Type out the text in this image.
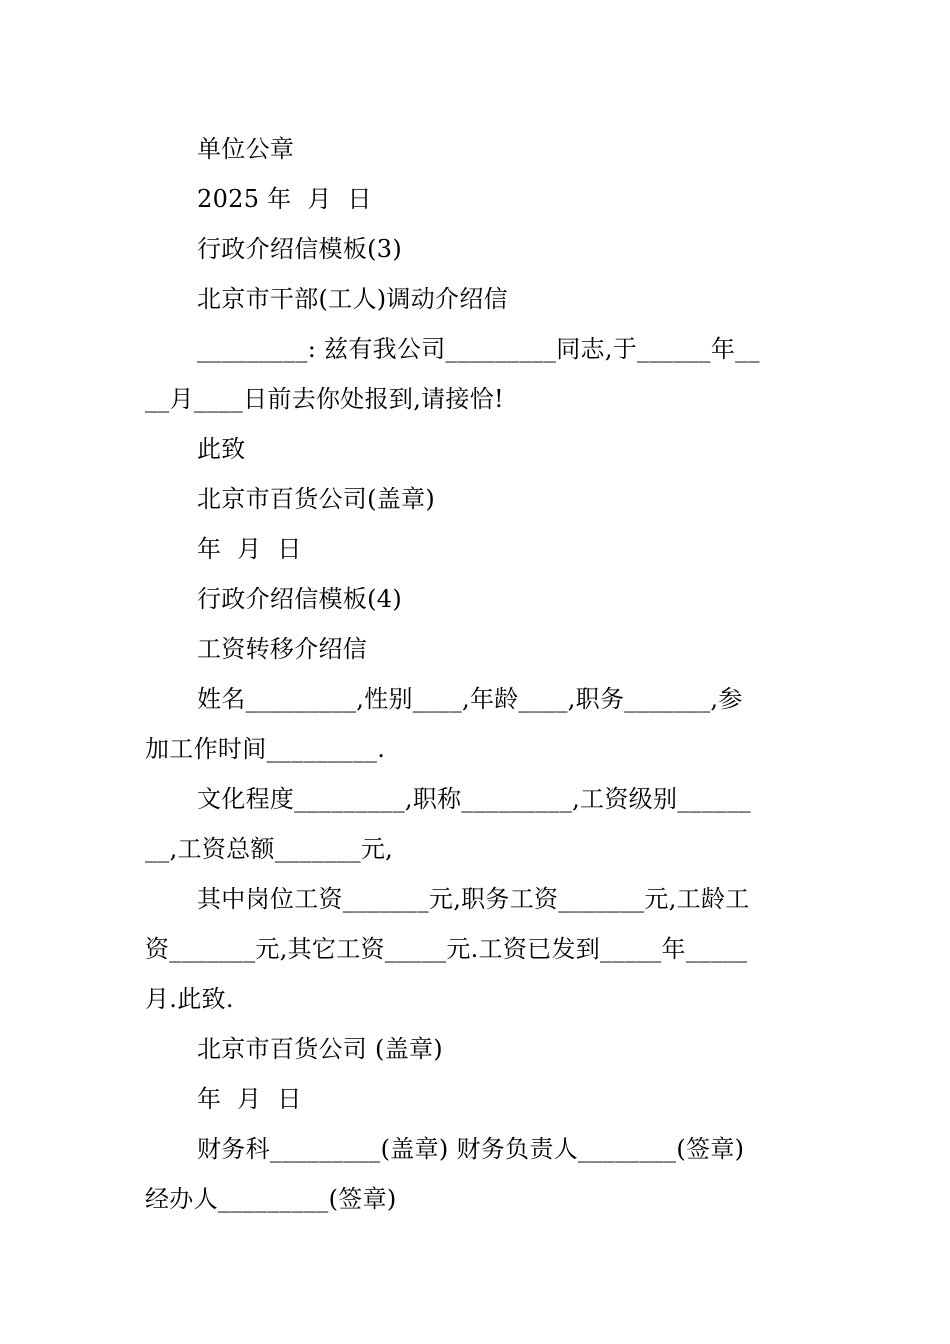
单位公章
2025 年  月  日
行政介绍信模板(3)
北京市干部(工人)调动介绍信
_________: 兹有我公司_________同志,于______年__
__月____日前去你处报到,请接恰!
此致
北京市百货公司(盖章)
年  月  日
行政介绍信模板(4)
工资转移介绍信
姓名_________,性别____,年龄____,职务_______,参
加工作时间_________.
文化程度_________,职称_________,工资级别______
__,工资总额_______元,
其中岗位工资_______元,职务工资_______元,工龄工
资_______元,其它工资_____元.工资已发到_____年_____
月.此致.
北京市百货公司 (盖章)
年  月  日
财务科_________(盖章) 财务负责人________(签章)
经办人_________(签章)
